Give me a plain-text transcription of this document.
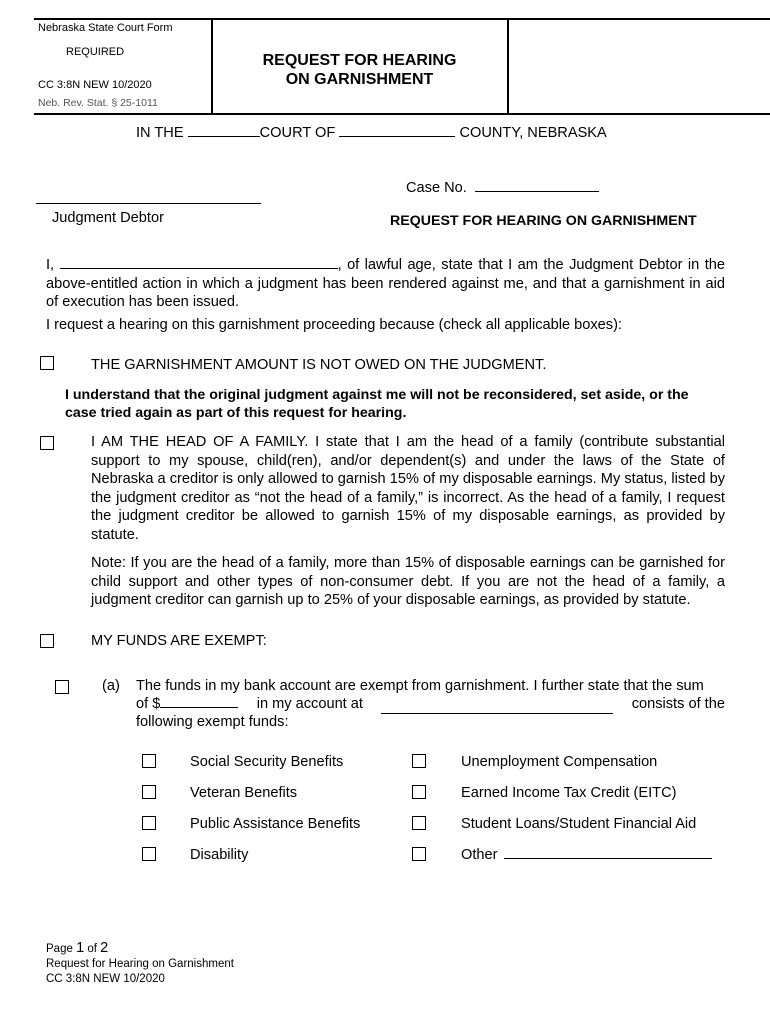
Nebraska State Court Form
REQUIRED
CC 3:8N NEW 10/2020
Neb. Rev. Stat. § 25-1011
REQUEST FOR HEARING
ON GARNISHMENT
IN THE	COURT OF	COUNTY, NEBRASKA
Case No.
Judgment Debtor	REQUEST FOR HEARING ON GARNISHMENT
I,	, of lawful age, state that I am the Judgment Debtor in the above-entitled action in which a judgment has been rendered against me, and that a garnishment in aid of execution has been issued.
I request a hearing on this garnishment proceeding because (check all applicable boxes):
THE GARNISHMENT AMOUNT IS NOT OWED ON THE JUDGMENT.
I understand that the original judgment against me will not be reconsidered, set aside, or the case tried again as part of this request for hearing.
I AM THE HEAD OF A FAMILY. I state that I am the head of a family (contribute substantial support to my spouse, child(ren), and/or dependent(s) and under the laws of the State of Nebraska a creditor is only allowed to garnish 15% of my disposable earnings. My status, listed by the judgment creditor as “not the head of a family,” is incorrect. As the head of a family, I request the judgment creditor be allowed to garnish 15% of my disposable earnings, as provided by statute.
Note: If you are the head of a family, more than 15% of disposable earnings can be garnished for child support and other types of non-consumer debt. If you are not the head of a family, a judgment creditor can garnish up to 25% of your disposable earnings, as provided by statute.
MY FUNDS ARE EXEMPT:
(a) The funds in my bank account are exempt from garnishment. I further state that the sum
of $	in my account at	consists of the
following exempt funds:
Social Security Benefits	Unemployment Compensation
Veteran Benefits	Earned Income Tax Credit (EITC)
Public Assistance Benefits	Student Loans/Student Financial Aid
Disability	Other
Page 1 of 2
Request for Hearing on Garnishment
CC 3:8N NEW 10/2020
